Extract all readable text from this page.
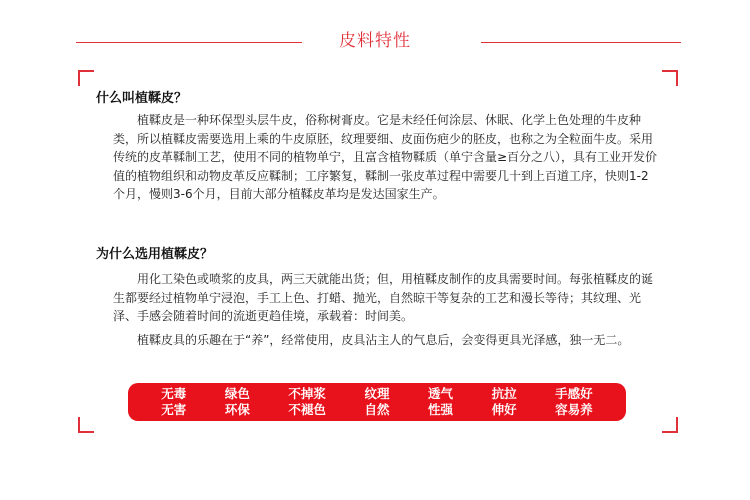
皮料特性
什么叫植鞣皮？

植鞣皮是一种环保型头层牛皮，俗称树膏皮。它是未经任何涂层、休眠、化学上色处理的牛皮种类，所以植鞣皮需要选用上乘的牛皮原胚，纹理要细、皮面伤疤少的胚皮，也称之为全粒面牛皮。采用传统的皮革鞣制工艺，使用不同的植物单宁，且富含植物鞣质（单宁含量≥百分之八），具有工业开发价值的植物组织和动物皮革反应鞣制；工序繁复，鞣制一张皮革过程中需要几十到上百道工序，快则1-2个月，慢则3-6个月，目前大部分植鞣皮革均是发达国家生产。

为什么选用植鞣皮？

用化工染色或喷浆的皮具，两三天就能出货；但，用植鞣皮制作的皮具需要时间。每张植鞣皮的诞生都要经过植物单宁浸泡，手工上色、打蜡、抛光，自然晾干等复杂的工艺和漫长等待；其纹理、光泽、手感会随着时间的流逝更趋佳境，承载着：时间美。

植鞣皮具的乐趣在于“养”，经常使用，皮具沾主人的气息后，会变得更具光泽感，独一无二。

无毒
无害
绿色
环保
不掉浆
不褪色
纹理
自然
透气
性强
抗拉
伸好
手感好
容易养
